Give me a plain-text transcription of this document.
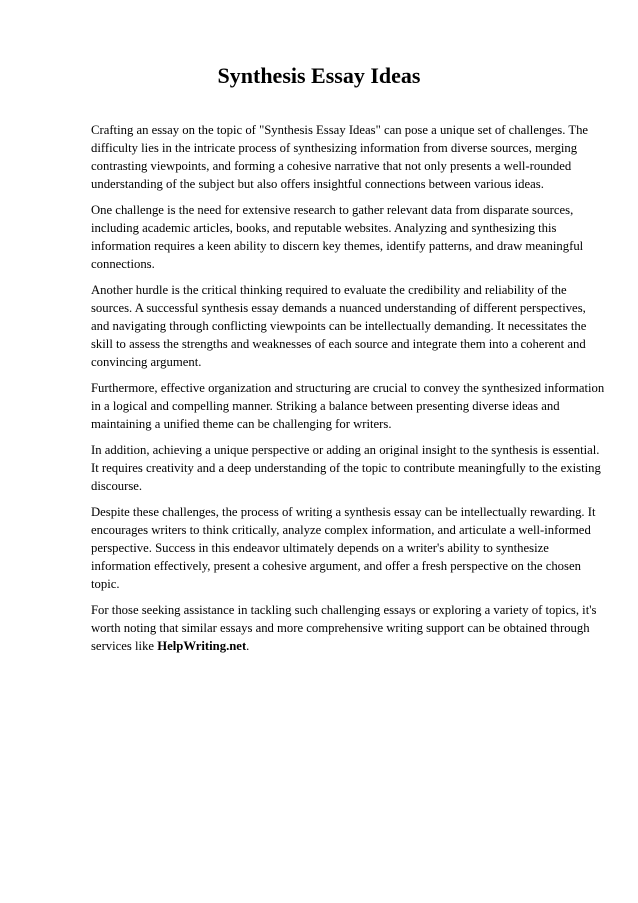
Synthesis Essay Ideas

Crafting an essay on the topic of "Synthesis Essay Ideas" can pose a unique set of challenges. The difficulty lies in the intricate process of synthesizing information from diverse sources, merging contrasting viewpoints, and forming a cohesive narrative that not only presents a well-rounded understanding of the subject but also offers insightful connections between various ideas.

One challenge is the need for extensive research to gather relevant data from disparate sources, including academic articles, books, and reputable websites. Analyzing and synthesizing this information requires a keen ability to discern key themes, identify patterns, and draw meaningful connections.

Another hurdle is the critical thinking required to evaluate the credibility and reliability of the sources. A successful synthesis essay demands a nuanced understanding of different perspectives, and navigating through conflicting viewpoints can be intellectually demanding. It necessitates the skill to assess the strengths and weaknesses of each source and integrate them into a coherent and convincing argument.

Furthermore, effective organization and structuring are crucial to convey the synthesized information in a logical and compelling manner. Striking a balance between presenting diverse ideas and maintaining a unified theme can be challenging for writers.

In addition, achieving a unique perspective or adding an original insight to the synthesis is essential. It requires creativity and a deep understanding of the topic to contribute meaningfully to the existing discourse.

Despite these challenges, the process of writing a synthesis essay can be intellectually rewarding. It encourages writers to think critically, analyze complex information, and articulate a well-informed perspective. Success in this endeavor ultimately depends on a writer's ability to synthesize information effectively, present a cohesive argument, and offer a fresh perspective on the chosen topic.

For those seeking assistance in tackling such challenging essays or exploring a variety of topics, it's worth noting that similar essays and more comprehensive writing support can be obtained through services like HelpWriting.net.
